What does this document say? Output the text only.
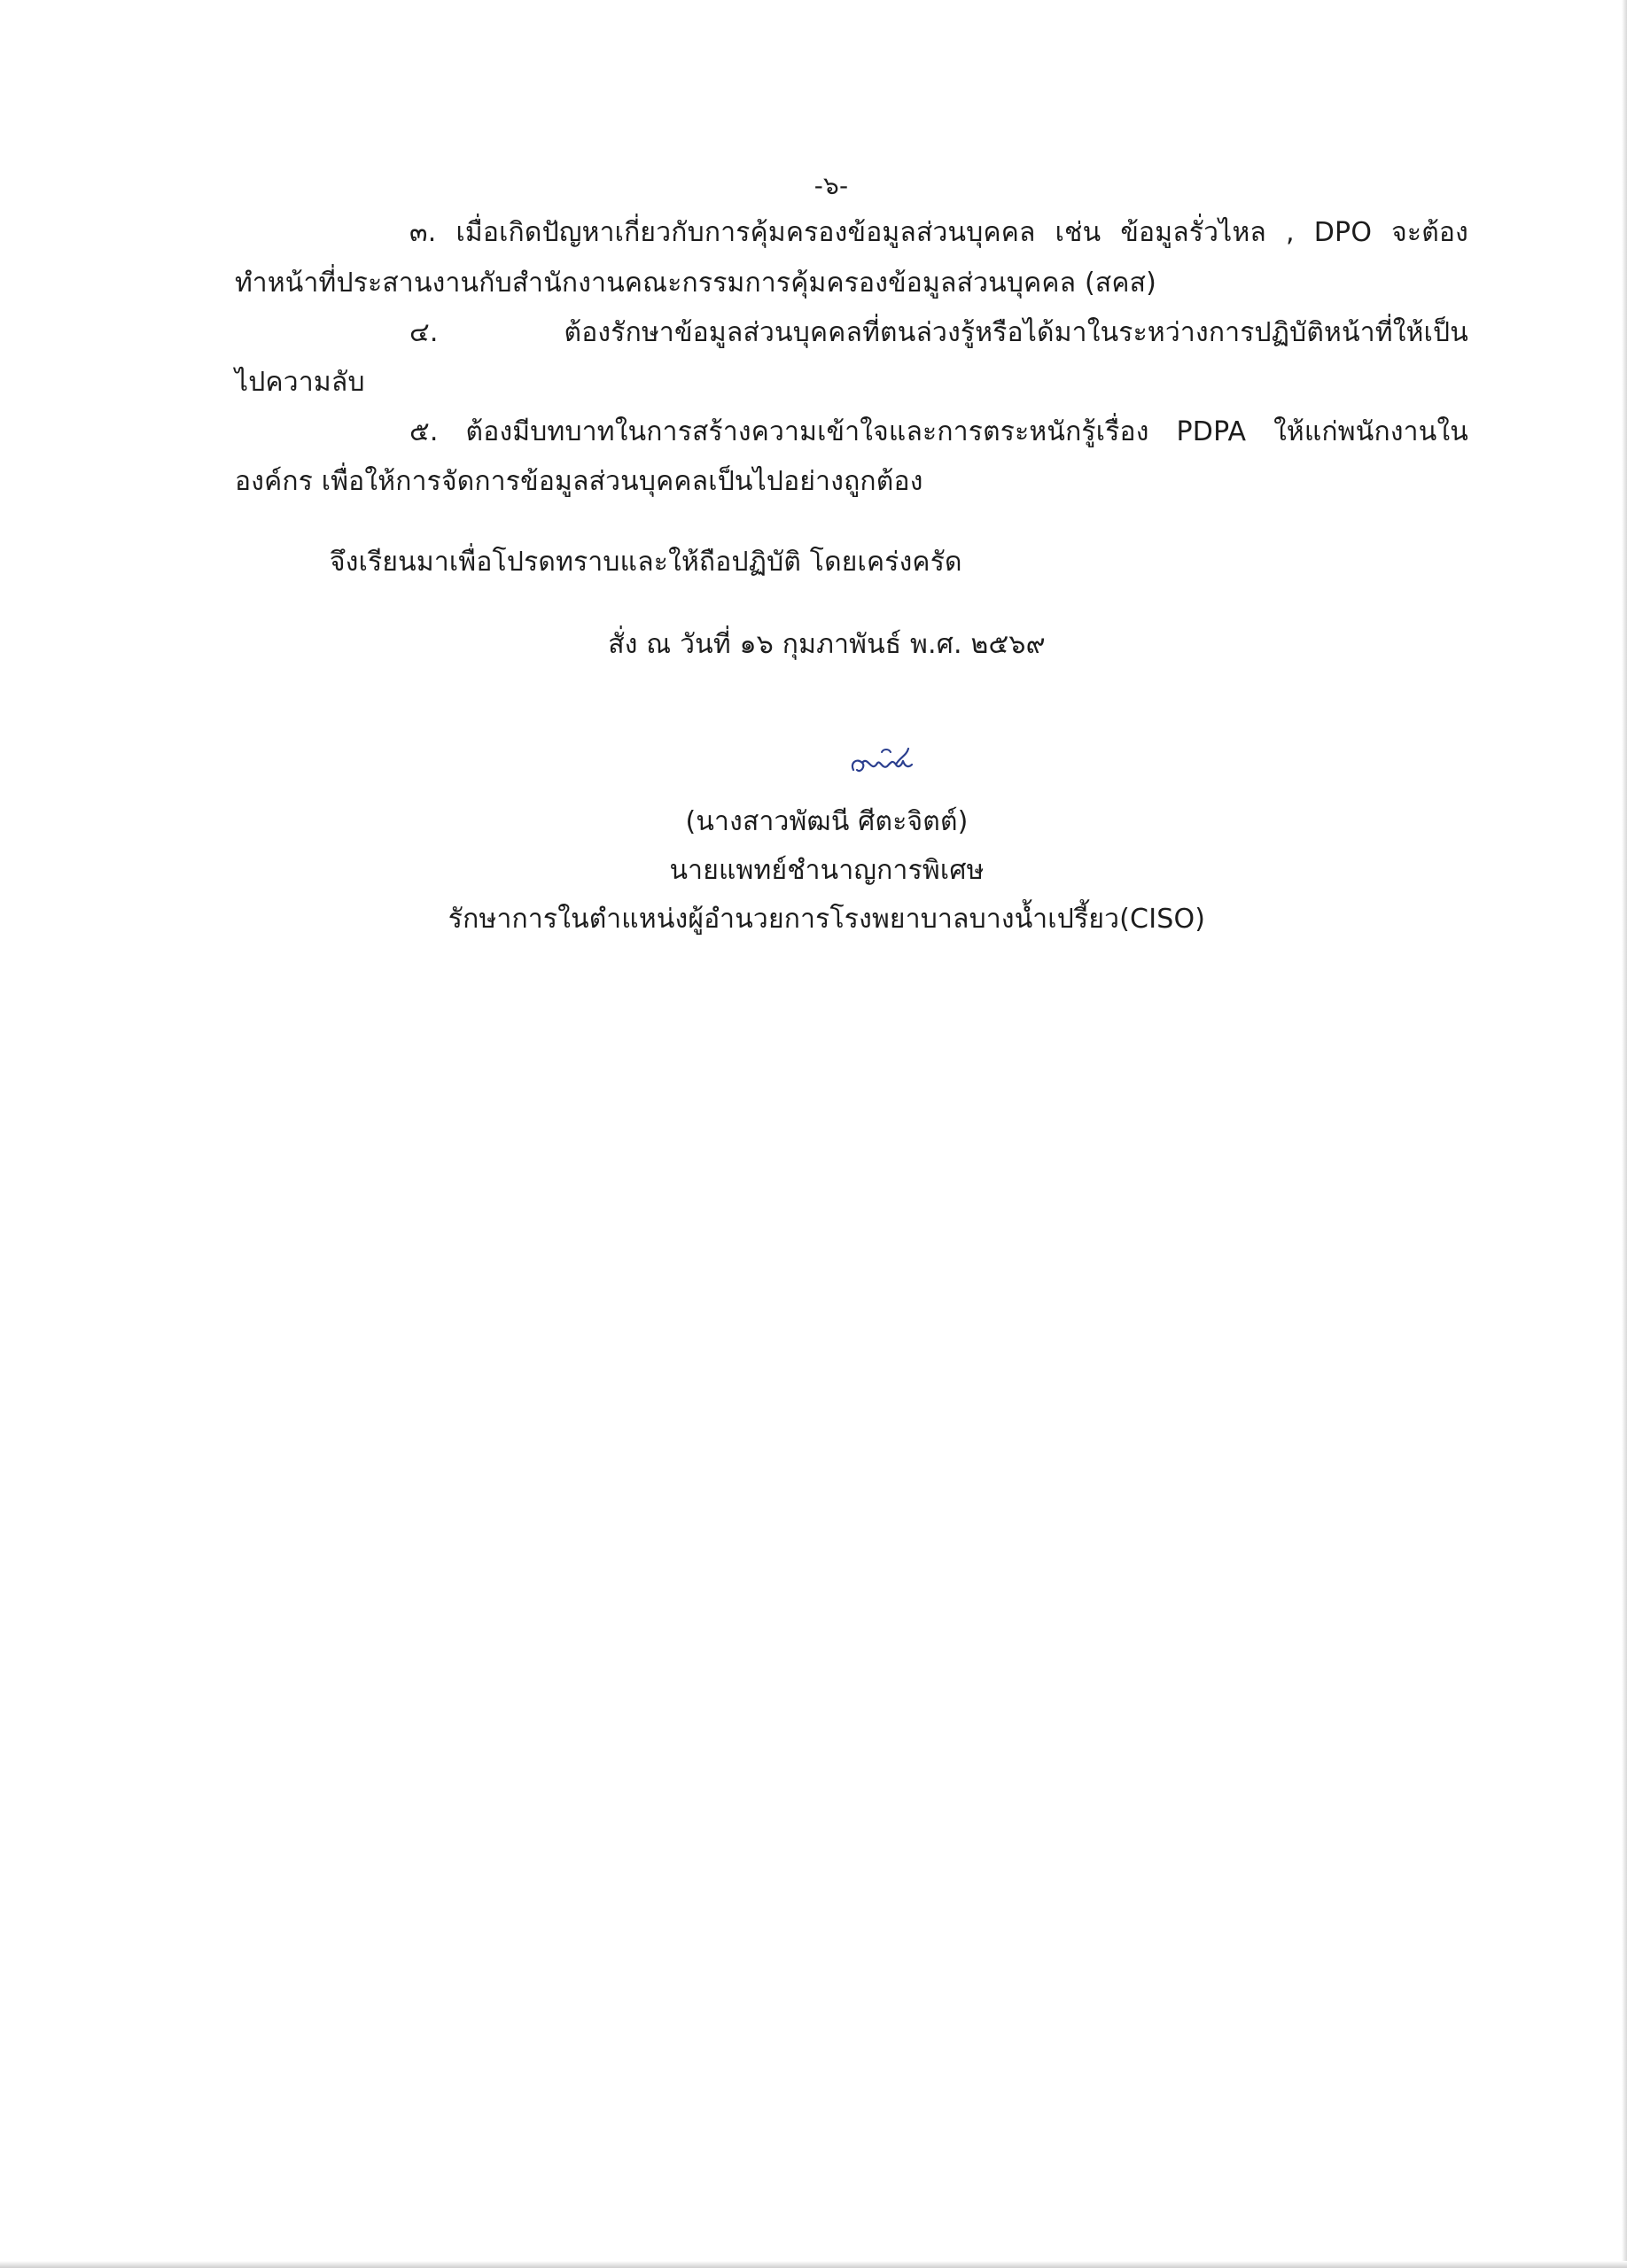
-๖-
๓. เมื่อเกิดปัญหาเกี่ยวกับการคุ้มครองข้อมูลส่วนบุคคล เช่น ข้อมูลรั่วไหล , DPO จะต้อง
ทำหน้าที่ประสานงานกับสำนักงานคณะกรรมการคุ้มครองข้อมูลส่วนบุคคล (สคส)
๔. ต้องรักษาข้อมูลส่วนบุคคลที่ตนล่วงรู้หรือได้มาในระหว่างการปฏิบัติหน้าที่ให้เป็น
ไปความลับ
๕. ต้องมีบทบาทในการสร้างความเข้าใจและการตระหนักรู้เรื่อง PDPA ให้แก่พนักงานใน
องค์กร เพื่อให้การจัดการข้อมูลส่วนบุคคลเป็นไปอย่างถูกต้อง
จึงเรียนมาเพื่อโปรดทราบและให้ถือปฏิบัติ โดยเคร่งครัด
สั่ง ณ วันที่ ๑๖ กุมภาพันธ์ พ.ศ. ๒๕๖๙
(นางสาวพัฒนี ศีตะจิตต์)
นายแพทย์ชำนาญการพิเศษ
รักษาการในตำแหน่งผู้อำนวยการโรงพยาบาลบางน้ำเปรี้ยว(CISO)
